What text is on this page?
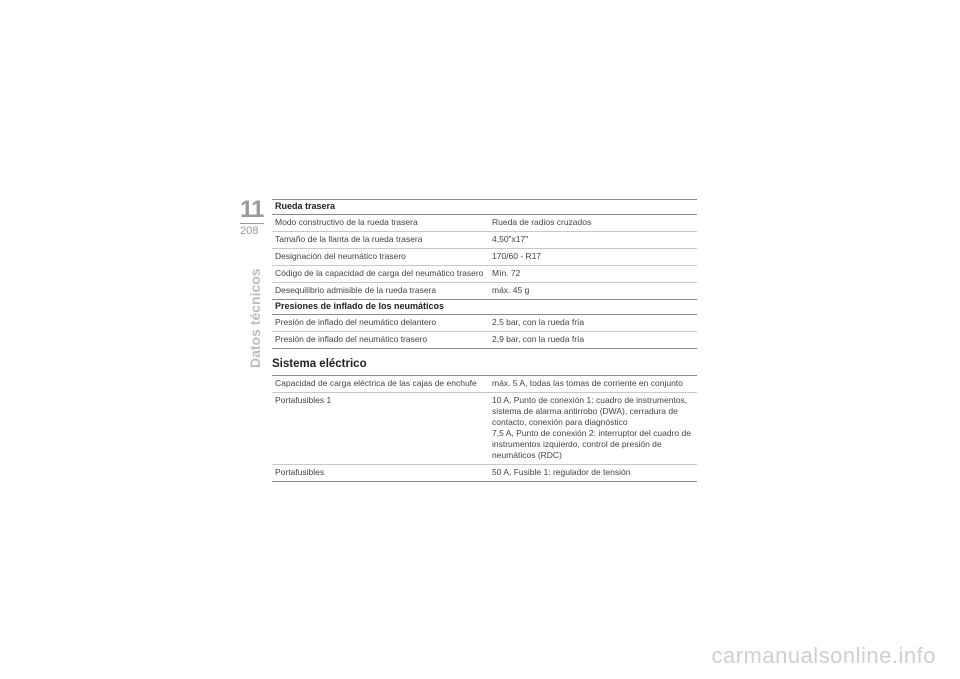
11
208
Datos técnicos
Rueda trasera
Modo constructivo de la rueda trasera	Rueda de radios cruzados
Tamaño de la llanta de la rueda trasera	4,50"x17"
Designación del neumático trasero	170/60 - R17
Código de la capacidad de carga del neumático trasero	Mín. 72
Desequilibrio admisible de la rueda trasera	máx. 45 g
Presiones de inflado de los neumáticos
Presión de inflado del neumático delantero	2,5 bar, con la rueda fría
Presión de inflado del neumático trasero	2,9 bar, con la rueda fría
Sistema eléctrico
Capacidad de carga eléctrica de las cajas de enchufe	máx. 5 A, todas las tomas de corriente en conjunto

Portafusibles 1	10 A, Punto de conexión 1: cuadro de instrumentos, sistema de alarma antirrobo (DWA), cerradura de contacto, conexión para diagnóstico
7,5 A, Punto de conexión 2: interruptor del cuadro de instrumentos izquierdo, control de presión de neumáticos (RDC)

Portafusibles	50 A, Fusible 1: regulador de tensión
carmanualsonline.info
